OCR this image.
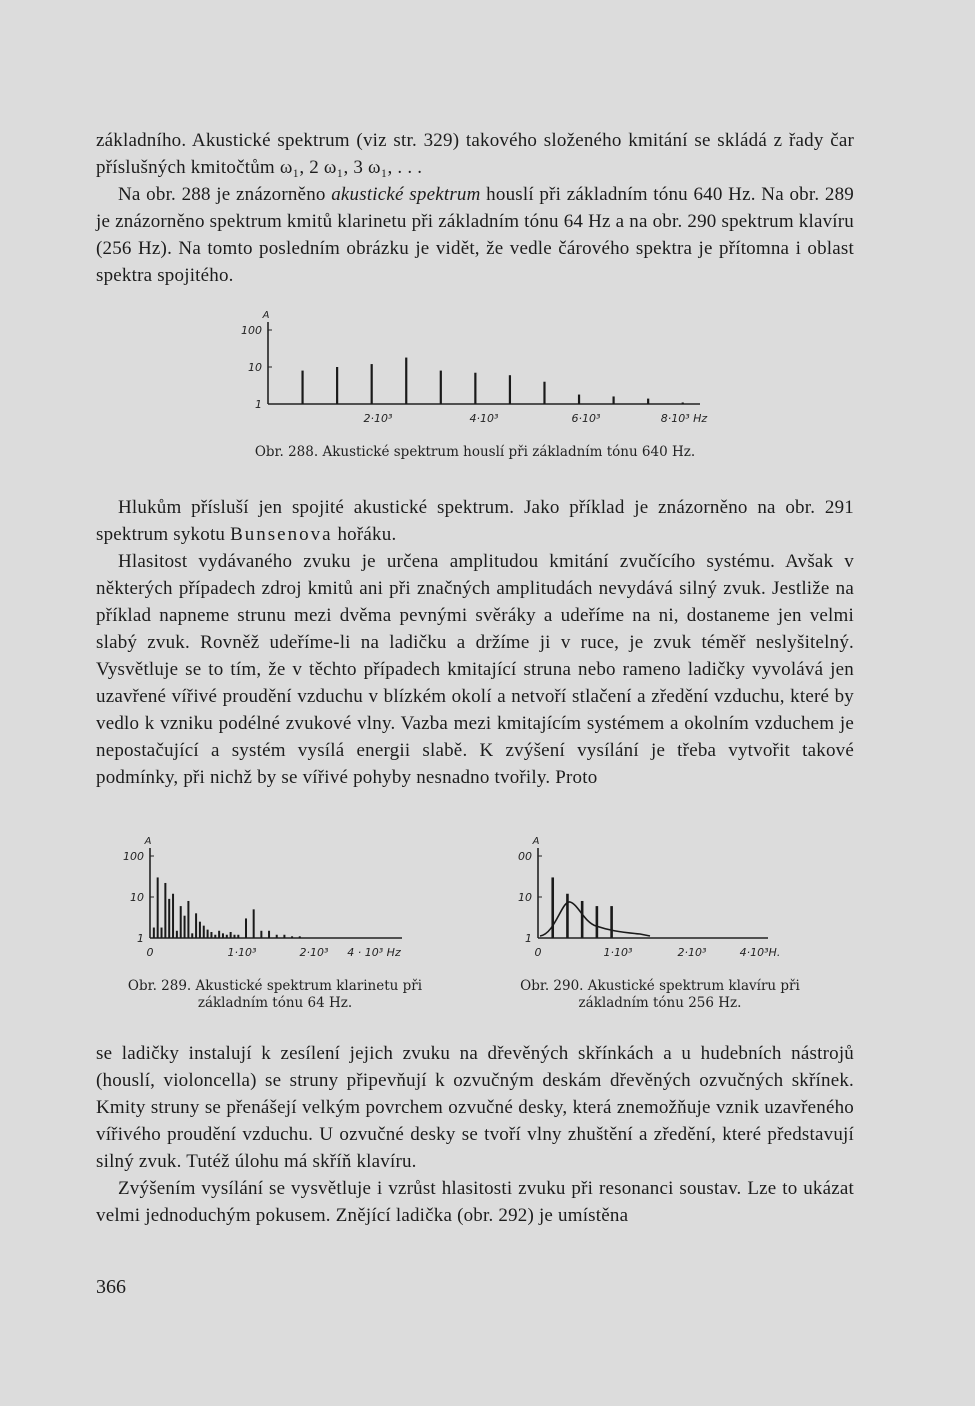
základního. Akustické spektrum (viz str. 329) takového složeného kmitání se skládá z řady čar příslušných kmitočtům ω₁, 2 ω₁, 3 ω₁, . . .

Na obr. 288 je znázorněno akustické spektrum houslí při základním tónu 640 Hz. Na obr. 289 je znázorněno spektrum kmitů klarinetu při základním tónu 64 Hz a na obr. 290 spektrum klavíru (256 Hz). Na tomto posledním obrázku je vidět, že vedle čárového spektra je přítomna i oblast spektra spojitého.

A
100
10
1
2·10³	4·10³	6·10³	8·10³ Hz
Obr. 288. Akustické spektrum houslí při základním tónu 640 Hz.

Hlukům přísluší jen spojité akustické spektrum. Jako příklad je znázorněno na obr. 291 spektrum sykotu Bunsenova hořáku.

Hlasitost vydávaného zvuku je určena amplitudou kmitání zvučícího systému. Avšak v některých případech zdroj kmitů ani při značných amplitudách nevydává silný zvuk. Jestliže na příklad napneme strunu mezi dvěma pevnými svěráky a udeříme na ni, dostaneme jen velmi slabý zvuk. Rovněž udeříme-li na ladičku a držíme ji v ruce, je zvuk téměř neslyšitelný. Vysvětluje se to tím, že v těchto případech kmitající struna nebo rameno ladičky vyvolává jen uzavřené vířivé proudění vzduchu v blízkém okolí a netvoří stlačení a zředění vzduchu, které by vedlo k vzniku podélné zvukové vlny. Vazba mezi kmitajícím systémem a okolním vzduchem je nepostačující a systém vysílá energii slabě. K zvýšení vysílání je třeba vytvořit takové podmínky, při nichž by se vířivé pohyby nesnadno tvořily. Proto

A
100
10
1
0	1·10³	2·10³ 4 · 10³ Hz
Obr. 289. Akustické spektrum klarinetu při základním tónu 64 Hz.
A
00
10
1
0	1·10³	2·10³	4·10³H.
Obr. 290. Akustické spektrum klavíru při základním tónu 256 Hz.

se ladičky instalují k zesílení jejich zvuku na dřevěných skřínkách a u hudebních nástrojů (houslí, violoncella) se struny připevňují k ozvučným deskám dřevěných ozvučných skřínek. Kmity struny se přenášejí velkým povrchem ozvučné desky, která znemožňuje vznik uzavřeného vířivého proudění vzduchu. U ozvučné desky se tvoří vlny zhuštění a zředění, které představují silný zvuk. Tutéž úlohu má skříň klavíru.

Zvýšením vysílání se vysvětluje i vzrůst hlasitosti zvuku při resonanci soustav. Lze to ukázat velmi jednoduchým pokusem. Znějící ladička (obr. 292) je umístěna

366
